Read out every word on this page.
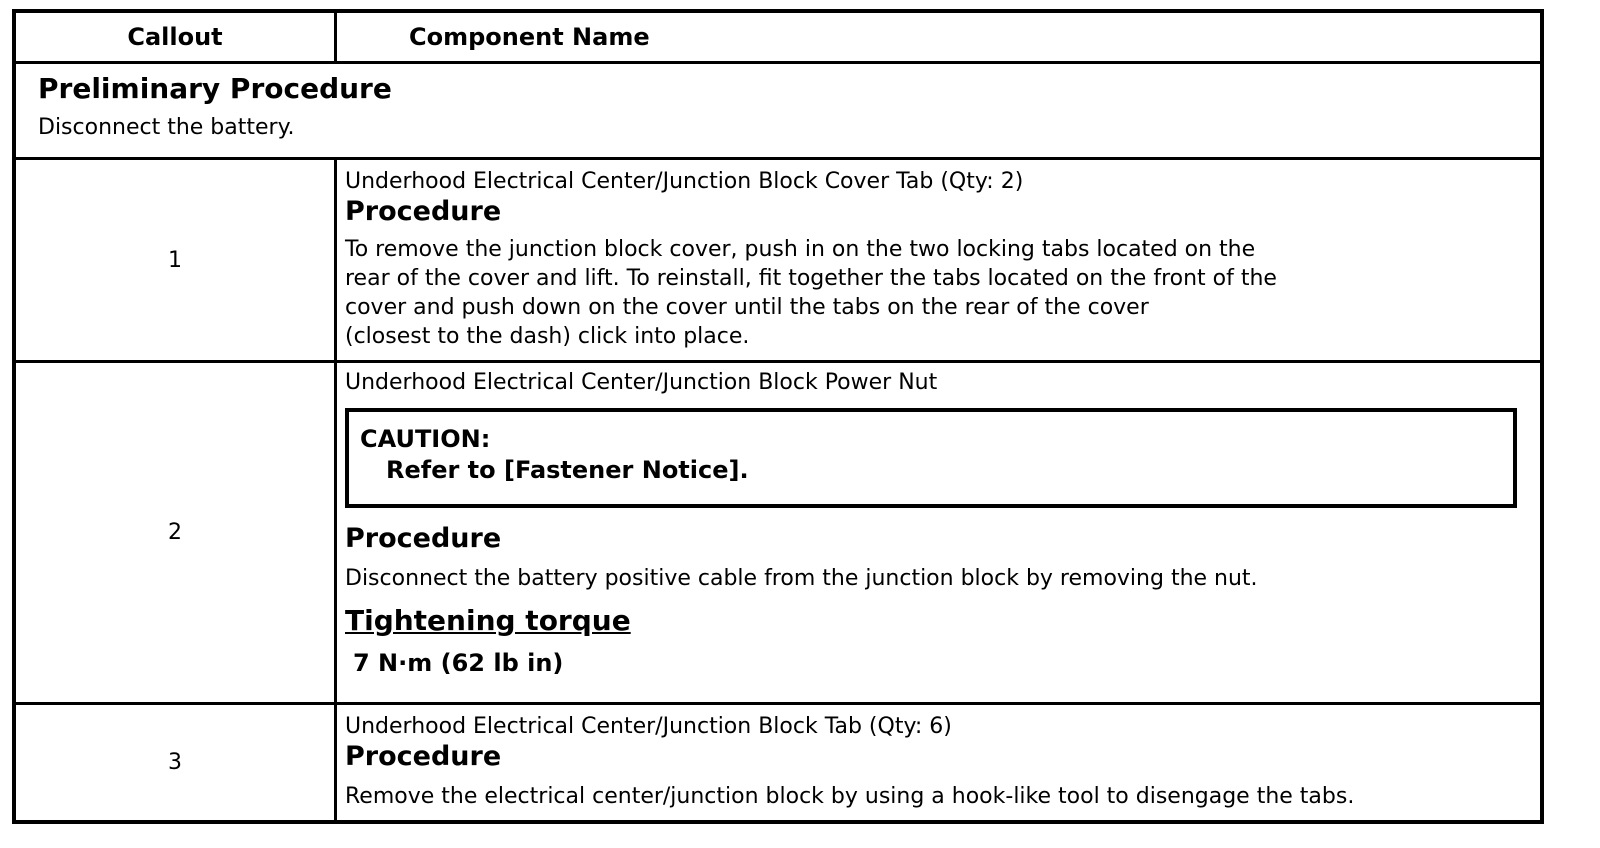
Callout	Component Name
Preliminary Procedure
Disconnect the battery.
1
Underhood Electrical Center/Junction Block Cover Tab (Qty: 2)
Procedure
To remove the junction block cover, push in on the two locking tabs located on the
rear of the cover and lift. To reinstall, fit together the tabs located on the front of the
cover and push down on the cover until the tabs on the rear of the cover
(closest to the dash) click into place.
2
Underhood Electrical Center/Junction Block Power Nut
CAUTION:
Refer to [Fastener Notice].
Procedure
Disconnect the battery positive cable from the junction block by removing the nut.
Tightening torque
7 N·m (62 lb in)
3
Underhood Electrical Center/Junction Block Tab (Qty: 6)
Procedure
Remove the electrical center/junction block by using a hook-like tool to disengage the tabs.
